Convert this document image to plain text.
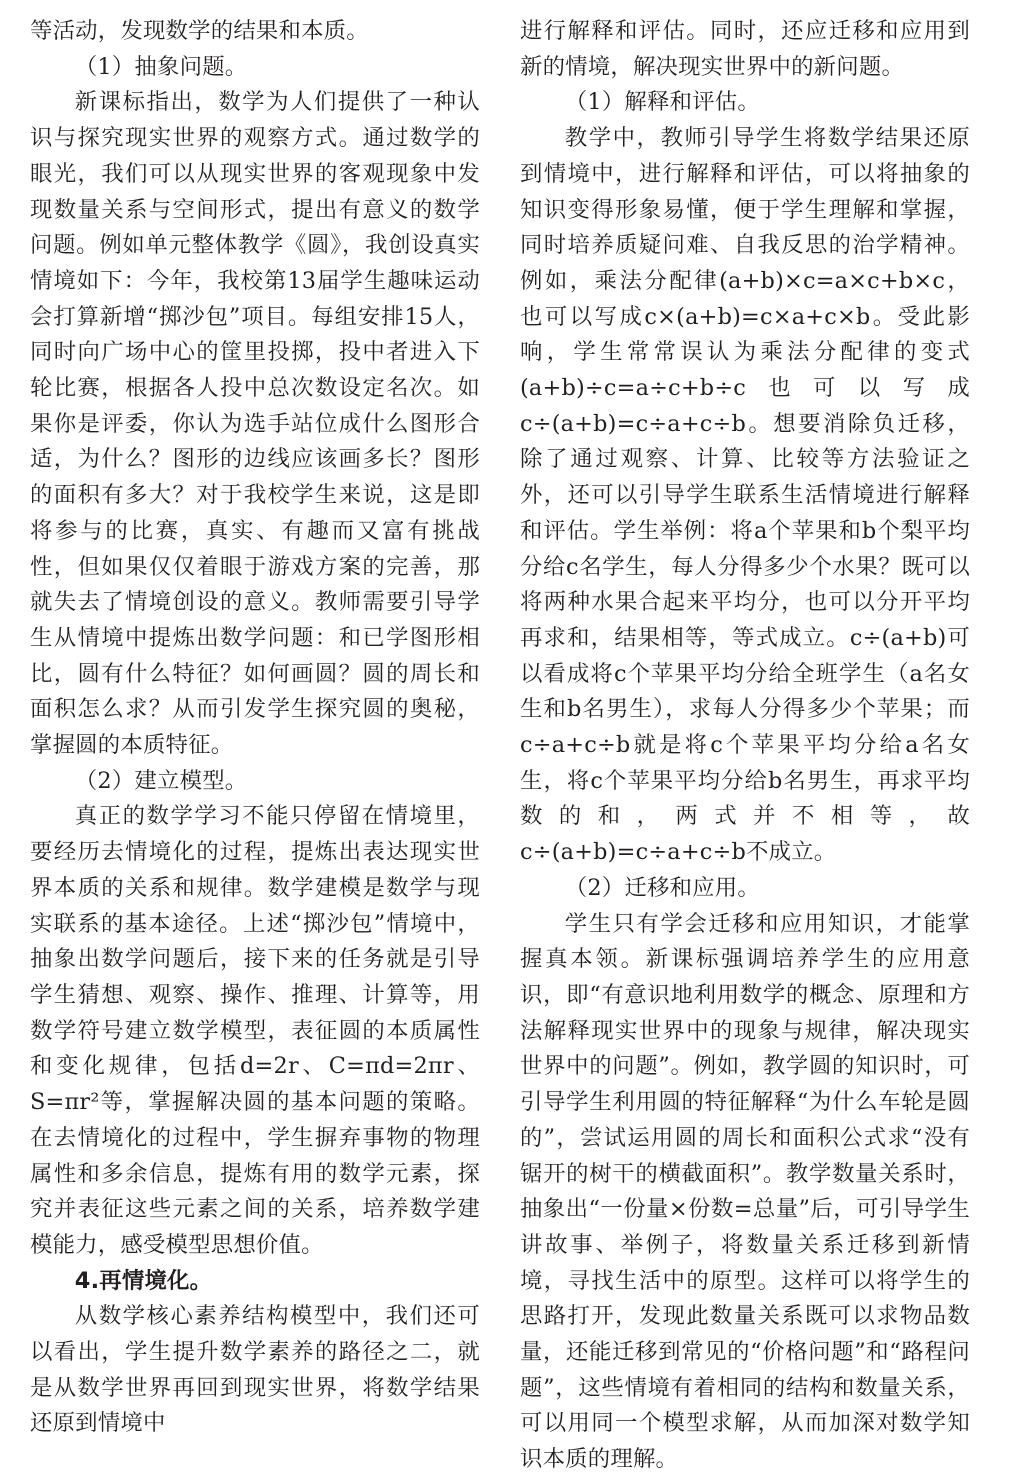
等活动，发现数学的结果和本质。

（1）抽象问题。

新课标指出，数学为人们提供了一种认识与探究现实世界的观察方式。通过数学的眼光，我们可以从现实世界的客观现象中发现数量关系与空间形式，提出有意义的数学问题。例如单元整体教学《圆》，我创设真实情境如下：今年，我校第13届学生趣味运动会打算新增“掷沙包”项目。每组安排15人，同时向广场中心的筐里投掷，投中者进入下轮比赛，根据各人投中总次数设定名次。如果你是评委，你认为选手站位成什么图形合适，为什么？图形的边线应该画多长？图形的面积有多大？对于我校学生来说，这是即将参与的比赛，真实、有趣而又富有挑战性，但如果仅仅着眼于游戏方案的完善，那就失去了情境创设的意义。教师需要引导学生从情境中提炼出数学问题：和已学图形相比，圆有什么特征？如何画圆？圆的周长和面积怎么求？从而引发学生探究圆的奥秘，掌握圆的本质特征。

（2）建立模型。

真正的数学学习不能只停留在情境里，要经历去情境化的过程，提炼出表达现实世界本质的关系和规律。数学建模是数学与现实联系的基本途径。上述“掷沙包”情境中，抽象出数学问题后，接下来的任务就是引导学生猜想、观察、操作、推理、计算等，用数学符号建立数学模型，表征圆的本质属性和变化规律，包括d=2r、C=πd=2πr、S=πr²等，掌握解决圆的基本问题的策略。在去情境化的过程中，学生摒弃事物的物理属性和多余信息，提炼有用的数学元素，探究并表征这些元素之间的关系，培养数学建模能力，感受模型思想价值。

4.再情境化。

从数学核心素养结构模型中，我们还可以看出，学生提升数学素养的路径之二，就是从数学世界再回到现实世界，将数学结果还原到情境中

进行解释和评估。同时，还应迁移和应用到新的情境，解决现实世界中的新问题。

（1）解释和评估。

教学中，教师引导学生将数学结果还原到情境中，进行解释和评估，可以将抽象的知识变得形象易懂，便于学生理解和掌握，同时培养质疑问难、自我反思的治学精神。例如，乘法分配律(a+b)×c=a×c+b×c，也可以写成c×(a+b)=c×a+c×b。受此影响，学生常常误认为乘法分配律的变式(a+b)÷c=a÷c+b÷c也可以写成c÷(a+b)=c÷a+c÷b。想要消除负迁移，除了通过观察、计算、比较等方法验证之外，还可以引导学生联系生活情境进行解释和评估。学生举例：将a个苹果和b个梨平均分给c名学生，每人分得多少个水果？既可以将两种水果合起来平均分，也可以分开平均再求和，结果相等，等式成立。c÷(a+b)可以看成将c个苹果平均分给全班学生（a名女生和b名男生），求每人分得多少个苹果；而c÷a+c÷b就是将c个苹果平均分给a名女生，将c个苹果平均分给b名男生，再求平均数的和，两式并不相等，故c÷(a+b)=c÷a+c÷b不成立。

（2）迁移和应用。

学生只有学会迁移和应用知识，才能掌握真本领。新课标强调培养学生的应用意识，即“有意识地利用数学的概念、原理和方法解释现实世界中的现象与规律，解决现实世界中的问题”。例如，教学圆的知识时，可引导学生利用圆的特征解释“为什么车轮是圆的”，尝试运用圆的周长和面积公式求“没有锯开的树干的横截面积”。教学数量关系时，抽象出“一份量×份数=总量”后，可引导学生讲故事、举例子，将数量关系迁移到新情境，寻找生活中的原型。这样可以将学生的思路打开，发现此数量关系既可以求物品数量，还能迁移到常见的“价格问题”和“路程问题”，这些情境有着相同的结构和数量关系，可以用同一个模型求解，从而加深对数学知识本质的理解。
